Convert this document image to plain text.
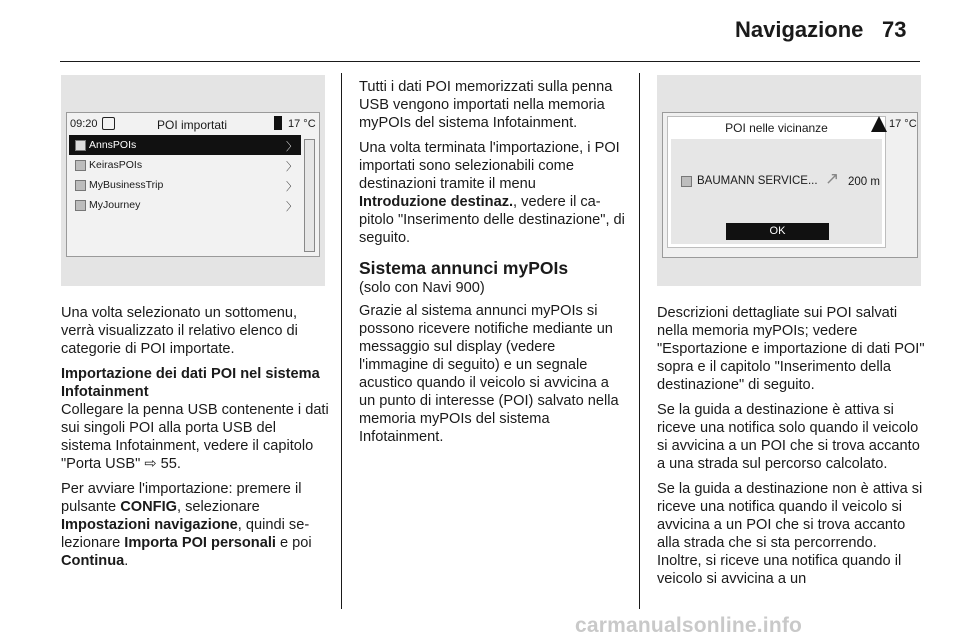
Navigazione 73
09:20	POI importati	17 °C
AnnsPOIs	〉
KeirasPOIs	〉
MyBusinessTrip	〉
MyJourney	〉

Una volta selezionato un sottomenu, verrà visualizzato il relativo elenco di categorie di POI importate.

Importazione dei dati POI nel sistema Infotainment
Collegare la penna USB contenente i dati sui singoli POI alla porta USB del sistema Infotainment, vedere il capitolo "Porta USB" ⇨ 55.

Per avviare l'importazione: premere il pulsante CONFIG, selezionare Impostazioni navigazione, quindi selezionare Importa POI personali e poi Continua.

Tutti i dati POI memorizzati sulla penna USB vengono importati nella memoria myPOIs del sistema Infotainment.

Una volta terminata l'importazione, i POI importati sono selezionabili come destinazioni tramite il menu Introduzione destinaz., vedere il capitolo "Inserimento delle destinazione", di seguito.

Sistema annunci myPOIs

(solo con Navi 900)

Grazie al sistema annunci myPOIs si possono ricevere notifiche mediante un messaggio sul display (vedere l'immagine di seguito) e un segnale acustico quando il veicolo si avvicina a un punto di interesse (POI) salvato nella memoria myPOIs del sistema Infotainment.

POI nelle vicinanze
BAUMANN SERVICE... ↗ 200 m
OK
17 °C

Descrizioni dettagliate sui POI salvati nella memoria myPOIs; vedere "Esportazione e importazione di dati POI" sopra e il capitolo "Inserimento della destinazione" di seguito.

Se la guida a destinazione è attiva si riceve una notifica solo quando il veicolo si avvicina a un POI che si trova accanto a una strada sul percorso calcolato.

Se la guida a destinazione non è attiva si riceve una notifica quando il veicolo si avvicina a un POI che si trova accanto alla strada che si sta percorrendo. Inoltre, si riceve una notifica quando il veicolo si avvicina a un

carmanualsonline.info
